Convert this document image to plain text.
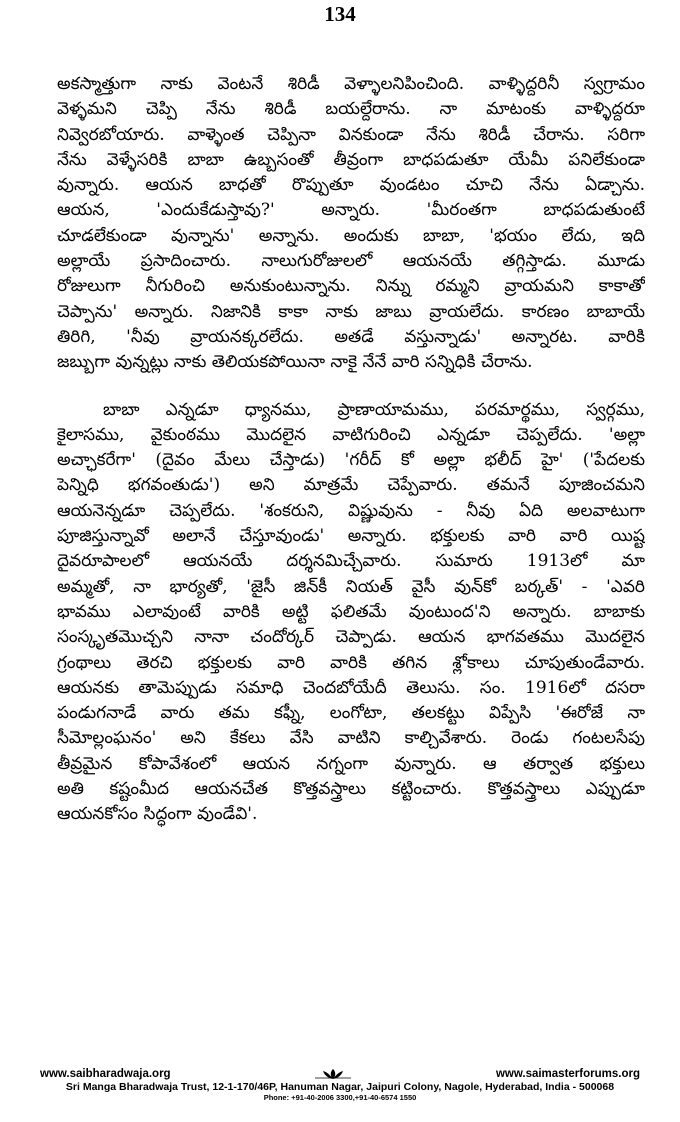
134
అకస్మాత్తుగా నాకు వెంటనే శిరిడీ వెళ్ళాలనిపించింది. వాళ్ళిద్దరినీ స్వగ్రామం
వెళ్ళమని చెప్పి నేను శిరిడీ బయల్దేరాను. నా మాటంకు వాళ్ళిద్దరూ
నివ్వెరబోయారు. వాళ్ళెంత చెప్పినా వినకుండా నేను శిరిడీ చేరాను. సరిగా
నేను వెళ్ళేసరికి బాబా ఉబ్బసంతో తీవ్రంగా బాధపడుతూ యేమీ పనిలేకుండా
వున్నారు. ఆయన బాధతో రొప్పుతూ వుండటం చూచి నేను ఏడ్చాను.
ఆయన, 'ఎందుకేడుస్తావు?' అన్నారు. 'మీరంతగా బాధపడుతుంటే
చూడలేకుండా వున్నాను' అన్నాను. అందుకు బాబా, 'భయం లేదు, ఇది
అల్లాయే ప్రసాదించారు. నాలుగురోజులలో ఆయనయే తగ్గిస్తాడు. మూడు
రోజులుగా నీగురించి అనుకుంటున్నాను. నిన్ను రమ్మని వ్రాయమని కాకాతో
చెప్పాను' అన్నారు. నిజానికి కాకా నాకు జాబు వ్రాయలేదు. కారణం బాబాయే
తిరిగి, 'నీవు వ్రాయనక్కరలేదు. అతడే వస్తున్నాడు' అన్నారట. వారికి
జబ్బుగా వున్నట్లు నాకు తెలియకపోయినా నాకై నేనే వారి సన్నిధికి చేరాను.
బాబా ఎన్నడూ ధ్యానము, ప్రాణాయామము, పరమార్థము, స్వర్గము,
కైలాసము, వైకుంఠము మొదలైన వాటిగురించి ఎన్నడూ చెప్పలేదు. 'అల్లా
అచ్ఛాకరేగా' (దైవం మేలు చేస్తాడు) 'గరీద్ కో అల్లా భలీద్ హై' ('పేదలకు
పెన్నిధి భగవంతుడు') అని మాత్రమే చెప్పేవారు. తమనే పూజించమని
ఆయనెన్నడూ చెప్పలేదు. 'శంకరుని, విష్ణువును - నీవు ఏది అలవాటుగా
పూజిస్తున్నావో అలానే చేస్తూవుండు' అన్నారు. భక్తులకు వారి వారి యిష్ట
దైవరూపాలలో ఆయనయే దర్శనమిచ్చేవారు. సుమారు 1913లో మా
అమ్మతో, నా భార్యతో, 'జైసీ జిన్‌కీ నియత్ వైసీ వున్‌కో బర్కత్' - 'ఎవరి
భావము ఎలావుంటే వారికి అట్టి ఫలితమే వుంటుంద'ని అన్నారు. బాబాకు
సంస్కృతమొచ్చని నానా చందోర్కర్ చెప్పాడు. ఆయన భాగవతము మొదలైన
గ్రంథాలు తెరచి భక్తులకు వారి వారికి తగిన శ్లోకాలు చూపుతుండేవారు.
ఆయనకు తామెప్పుడు సమాధి చెందబోయేదీ తెలుసు. సం. 1916లో దసరా
పండుగనాడే వారు తమ కఫ్నీ, లంగోటా, తలకట్టు విప్పేసి 'ఈరోజే నా
సీమోల్లంఘనం' అని కేకలు వేసి వాటిని కాల్చివేశారు. రెండు గంటలసేపు
తీవ్రమైన కోపావేశంలో ఆయన నగ్నంగా వున్నారు. ఆ తర్వాత భక్తులు
అతి కష్టంమీద ఆయనచేత కొత్తవస్త్రాలు కట్టించారు. కొత్తవస్త్రాలు ఎప్పుడూ
ఆయనకోసం సిద్ధంగా వుండేవి'.
www.saibharadwaja.org	www.saimasterforums.org
Sri Manga Bharadwaja Trust, 12-1-170/46P, Hanuman Nagar, Jaipuri Colony, Nagole, Hyderabad, India - 500068
Phone: +91-40-2006 3300,+91-40-6574 1550
